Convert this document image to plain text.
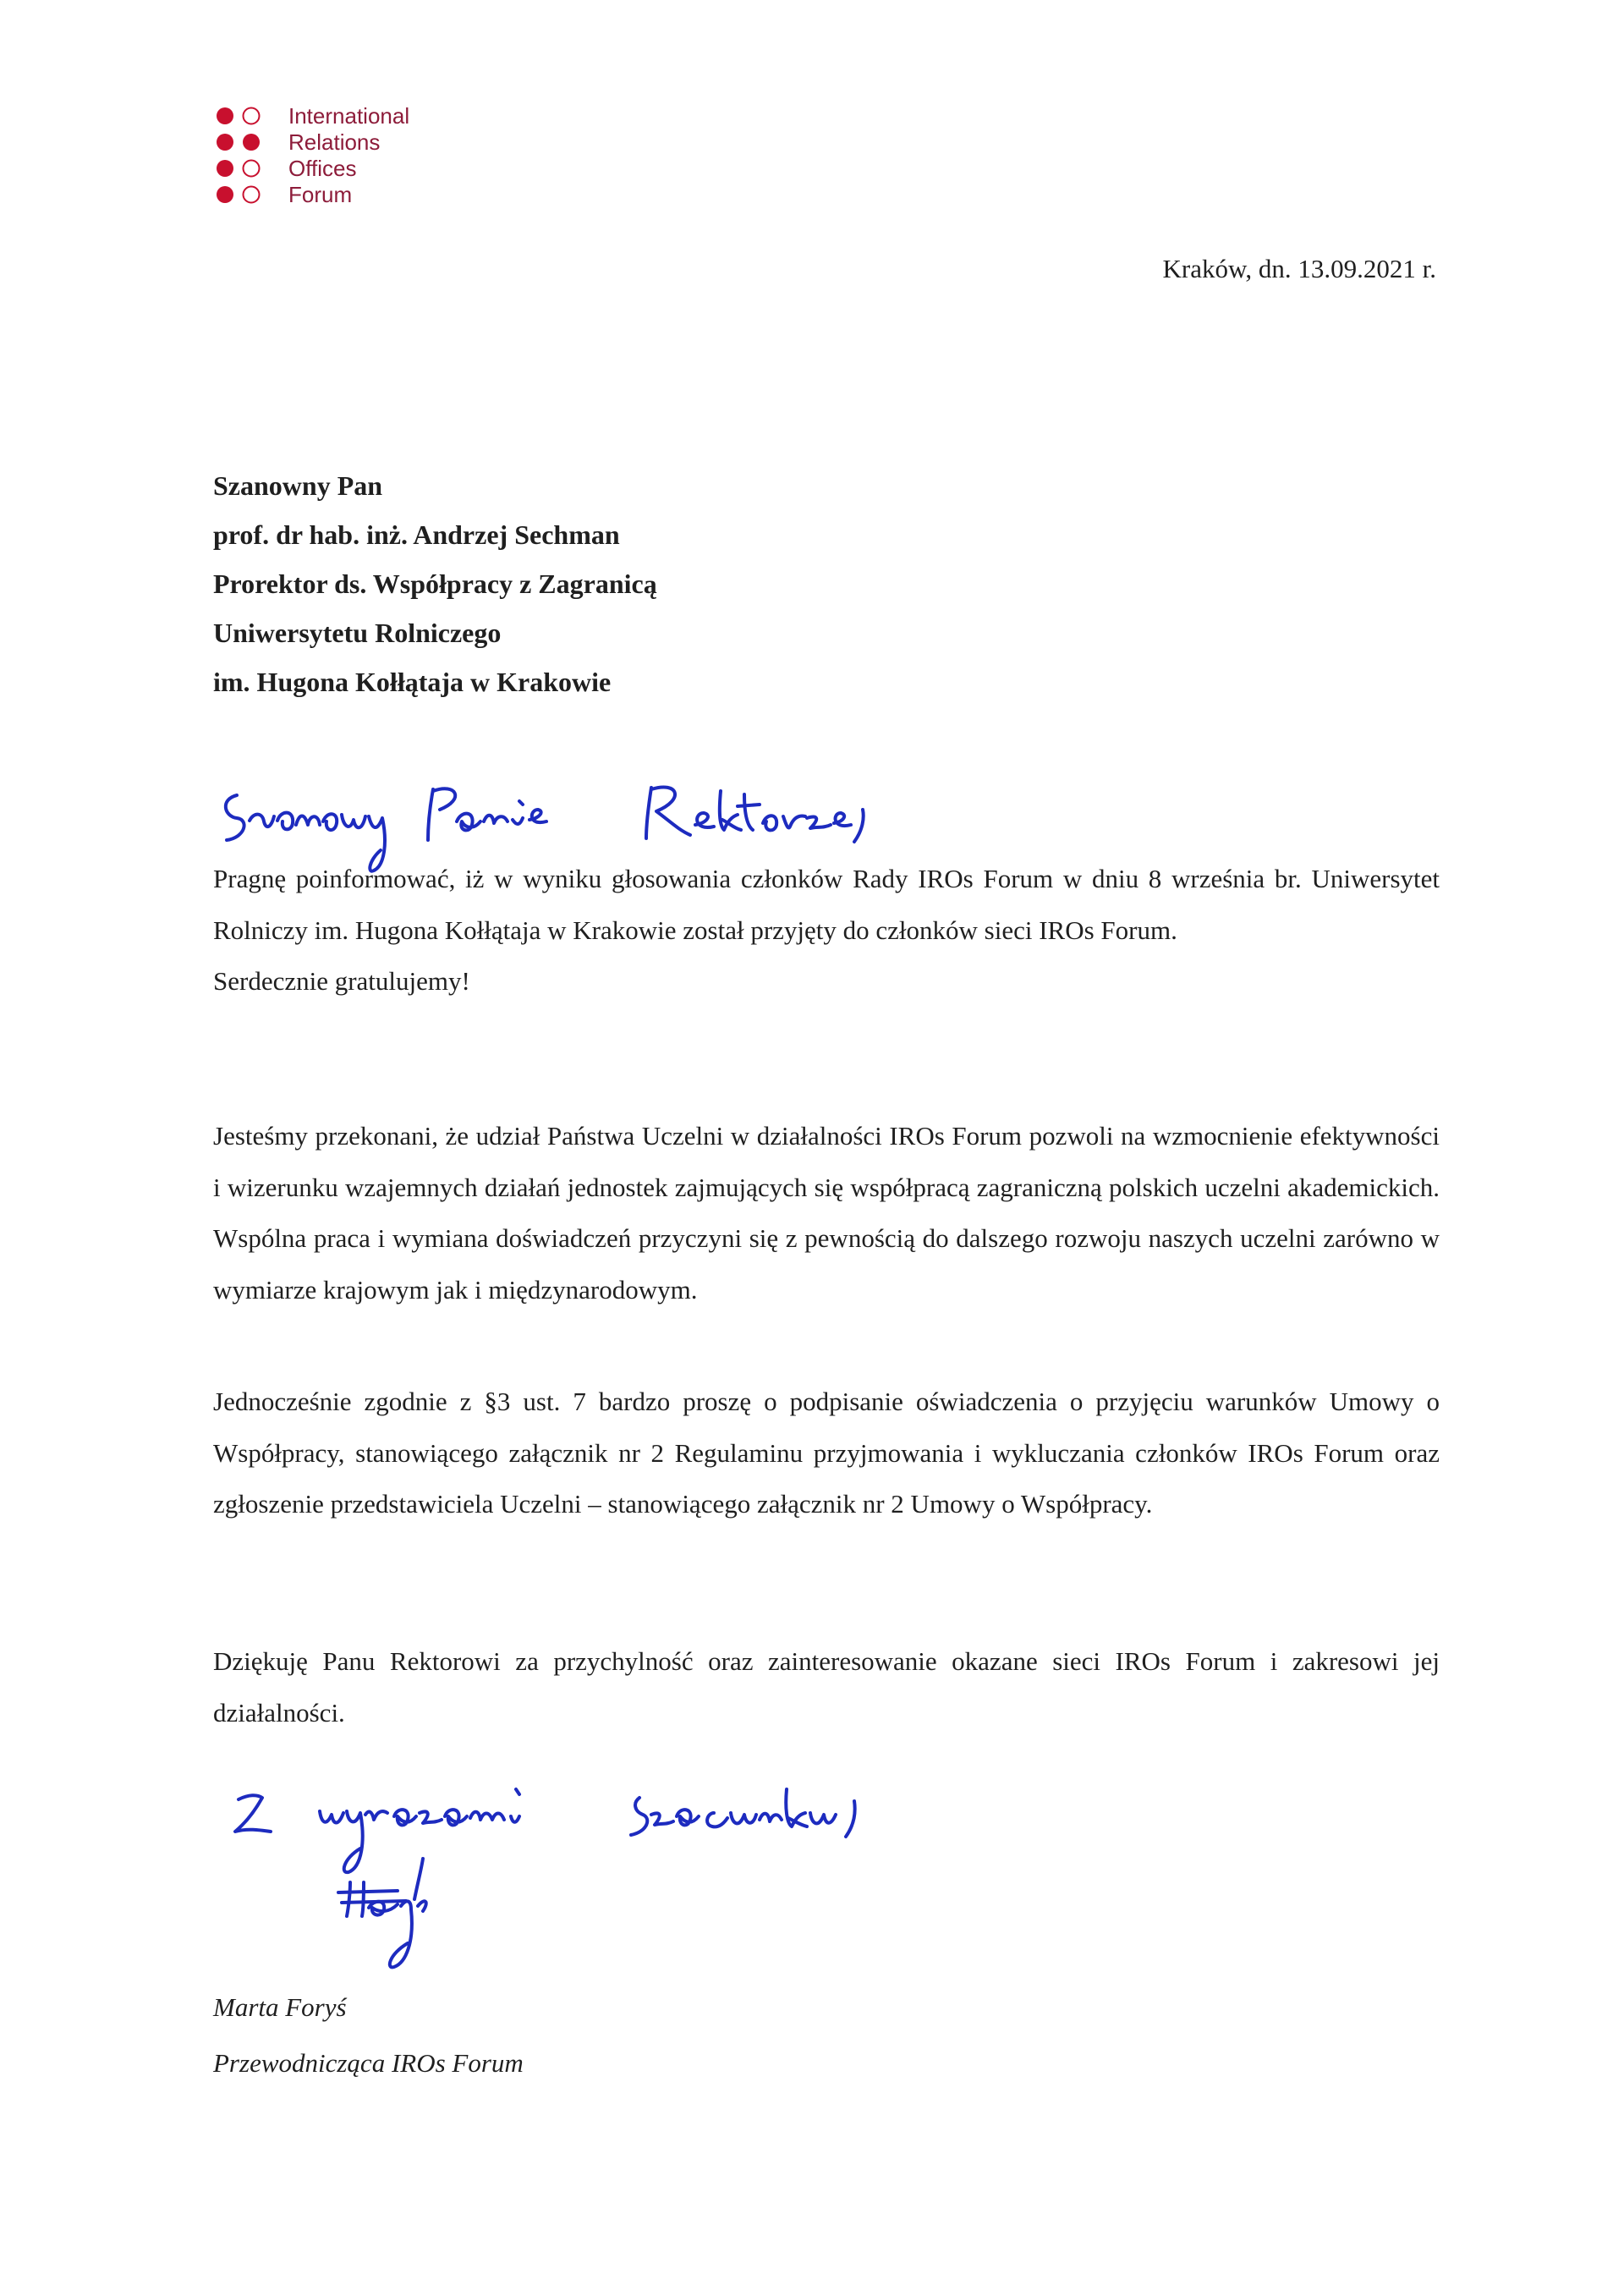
International
Relations
Offices
Forum
Kraków, dn. 13.09.2021 r.
Szanowny Pan
prof. dr hab. inż. Andrzej Sechman
Prorektor ds. Współpracy z Zagranicą
Uniwersytetu Rolniczego
im. Hugona Kołłątaja w Krakowie

Pragnę poinformować, iż w wyniku głosowania członków Rady IROs Forum w dniu 8 września br. Uniwersytet Rolniczy im. Hugona Kołłątaja w Krakowie został przyjęty do członków sieci IROs Forum.

Serdecznie gratulujemy!

Jesteśmy przekonani, że udział Państwa Uczelni w działalności IROs Forum pozwoli na wzmocnienie efektywności i wizerunku wzajemnych działań jednostek zajmujących się współpracą zagraniczną polskich uczelni akademickich. Wspólna praca i wymiana doświadczeń przyczyni się z pewnością do dalszego rozwoju naszych uczelni zarówno w wymiarze krajowym jak i międzynarodowym.

Jednocześnie zgodnie z §3 ust. 7 bardzo proszę o podpisanie oświadczenia o przyjęciu warunków Umowy o Współpracy, stanowiącego załącznik nr 2 Regulaminu przyjmowania i wykluczania członków IROs Forum oraz zgłoszenie przedstawiciela Uczelni – stanowiącego załącznik nr 2 Umowy o Współpracy.

Dziękuję Panu Rektorowi za przychylność oraz zainteresowanie okazane sieci IROs Forum i zakresowi jej działalności.

Marta Foryś
Przewodnicząca IROs Forum
